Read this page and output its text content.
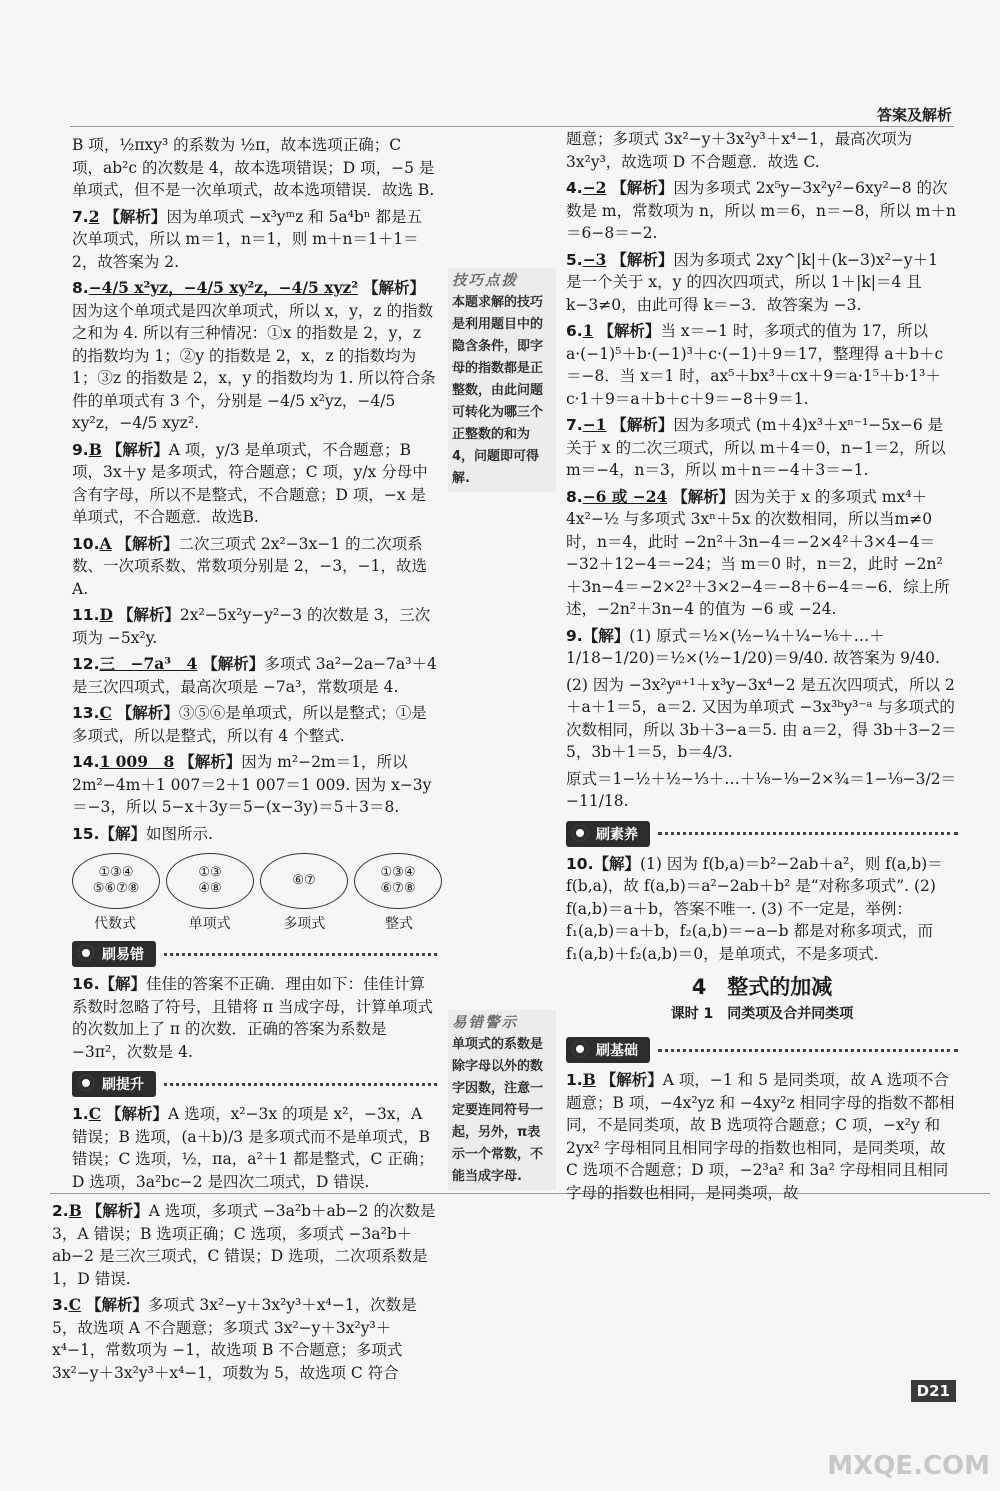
答案及解析

B 项，½πxy³ 的系数为 ½π，故本选项正确；C 项，ab²c 的次数是 4，故本选项错误；D 项，−5 是单项式，但不是一次单项式，故本选项错误．故选 B.

7.2 【解析】因为单项式 −x³yᵐz 和 5a⁴bⁿ 都是五次单项式，所以 m＝1，n＝1，则 m＋n＝1＋1＝2，故答案为 2.

8.−4/5 x²yz，−4/5 xy²z，−4/5 xyz² 【解析】因为这个单项式是四次单项式，所以 x，y，z 的指数之和为 4. 所以有三种情况：①x 的指数是 2，y，z 的指数均为 1；②y 的指数是 2，x，z 的指数均为 1；③z 的指数是 2，x，y 的指数均为 1. 所以符合条件的单项式有 3 个，分别是 −4/5 x²yz，−4/5 xy²z，−4/5 xyz².

9.B 【解析】A 项，y/3 是单项式，不合题意；B 项，3x＋y 是多项式，符合题意；C 项，y/x 分母中含有字母，所以不是整式，不合题意；D 项，−x 是单项式，不合题意．故选B.

10.A 【解析】二次三项式 2x²−3x−1 的二次项系数、一次项系数、常数项分别是 2，−3，−1，故选 A.

11.D 【解析】2x²−5x²y−y²−3 的次数是 3，三次项为 −5x²y.

12.三　−7a³　4 【解析】多项式 3a²−2a−7a³＋4 是三次四项式，最高次项是 −7a³，常数项是 4.

13.C 【解析】③⑤⑥是单项式，所以是整式；①是多项式，所以是整式，所以有 4 个整式.

14.1 009　8 【解析】因为 m²−2m＝1，所以 2m²−4m＋1 007＝2＋1 007＝1 009. 因为 x−3y＝−3，所以 5−x＋3y＝5−(x−3y)＝5＋3＝8.

15.【解】如图所示.

①③④
⑤⑥⑦⑧
①③
④⑧
⑥⑦
①③④
⑥⑦⑧
代数式	单项式	多项式	整式
刷易错

16.【解】佳佳的答案不正确．理由如下：佳佳计算系数时忽略了符号，且错将 π 当成字母，计算单项式的次数加上了 π 的次数．正确的答案为系数是 −3π²，次数是 4.

刷提升

1.C 【解析】A 选项，x²−3x 的项是 x²，−3x，A 错误；B 选项，(a＋b)/3 是多项式而不是单项式，B 错误；C 选项，½，πa，a²＋1 都是整式，C 正确；D 选项，3a²bc−2 是四次二项式，D 错误.

技巧点拨
本题求解的技巧是利用题目中的隐含条件，即字母的指数都是正整数，由此问题可转化为哪三个正整数的和为 4，问题即可得解.
易错警示
单项式的系数是除字母以外的数字因数，注意一定要连同符号一起，另外，π表示一个常数，不能当成字母.

2.B 【解析】A 选项，多项式 −3a²b＋ab−2 的次数是 3，A 错误；B 选项正确；C 选项，多项式 −3a²b＋ab−2 是三次三项式，C 错误；D 选项，二次项系数是 1，D 错误.

3.C 【解析】多项式 3x²−y＋3x²y³＋x⁴−1，次数是 5，故选项 A 不合题意；多项式 3x²−y＋3x²y³＋x⁴−1，常数项为 −1，故选项 B 不合题意；多项式 3x²−y＋3x²y³＋x⁴−1，项数为 5，故选项 C 符合

题意；多项式 3x²−y＋3x²y³＋x⁴−1，最高次项为 3x²y³，故选项 D 不合题意．故选 C.

4.−2 【解析】因为多项式 2x⁵y−3x²y²−6xy²−8 的次数是 m，常数项为 n，所以 m＝6，n＝−8，所以 m＋n＝6−8＝−2.

5.−3 【解析】因为多项式 2xy^|k|＋(k−3)x²−y＋1 是一个关于 x，y 的四次四项式，所以 1＋|k|＝4 且 k−3≠0，由此可得 k＝−3．故答案为 −3.

6.1 【解析】当 x＝−1 时，多项式的值为 17，所以 a·(−1)⁵＋b·(−1)³＋c·(−1)＋9＝17，整理得 a＋b＋c＝−8．当 x＝1 时，ax⁵＋bx³＋cx＋9＝a·1⁵＋b·1³＋c·1＋9＝a＋b＋c＋9＝−8＋9＝1.

7.−1 【解析】因为多项式 (m＋4)x³＋xⁿ⁻¹−5x−6 是关于 x 的二次三项式，所以 m＋4＝0，n−1＝2，所以 m＝−4，n＝3，所以 m＋n＝−4＋3＝−1.

8.−6 或 −24 【解析】因为关于 x 的多项式 mx⁴＋4x²−½ 与多项式 3xⁿ＋5x 的次数相同，所以当m≠0 时，n＝4，此时 −2n²＋3n−4＝−2×4²＋3×4−4＝−32＋12−4＝−24；当 m＝0 时，n＝2，此时 −2n²＋3n−4＝−2×2²＋3×2−4＝−8＋6−4＝−6．综上所述，−2n²＋3n−4 的值为 −6 或 −24.

9.【解】(1) 原式＝½×(½−¼＋¼−⅙＋…＋1/18−1/20)＝½×(½−1/20)＝9/40. 故答案为 9/40.

(2) 因为 −3x²yᵃ⁺¹＋x³y−3x⁴−2 是五次四项式，所以 2＋a＋1＝5，a＝2. 又因为单项式 −3x³ᵇy³⁻ᵃ 与多项式的次数相同，所以 3b＋3−a＝5. 由 a＝2，得 3b＋3−2＝5，3b＋1＝5，b＝4/3.

原式＝1−½＋½−⅓＋…＋⅛−⅑−2×¾＝1−⅑−3/2＝−11/18.

刷素养

10.【解】(1) 因为 f(b,a)＝b²−2ab＋a²，则 f(a,b)＝f(b,a)，故 f(a,b)＝a²−2ab＋b² 是“对称多项式”. (2) f(a,b)＝a＋b，答案不唯一. (3) 不一定是，举例：f₁(a,b)＝a＋b，f₂(a,b)＝−a−b 都是对称多项式，而 f₁(a,b)＋f₂(a,b)＝0，是单项式，不是多项式.

4　整式的加减
课时 1　同类项及合并同类项
刷基础

1.B 【解析】A 项，−1 和 5 是同类项，故 A 选项不合题意；B 项，−4x²yz 和 −4xy²z 相同字母的指数不都相同，不是同类项，故 B 选项符合题意；C 项，−x²y 和 2yx² 字母相同且相同字母的指数也相同，是同类项，故 C 选项不合题意；D 项，−2³a² 和 3a² 字母相同且相同字母的指数也相同，是同类项，故

D21
MXQE.COM
